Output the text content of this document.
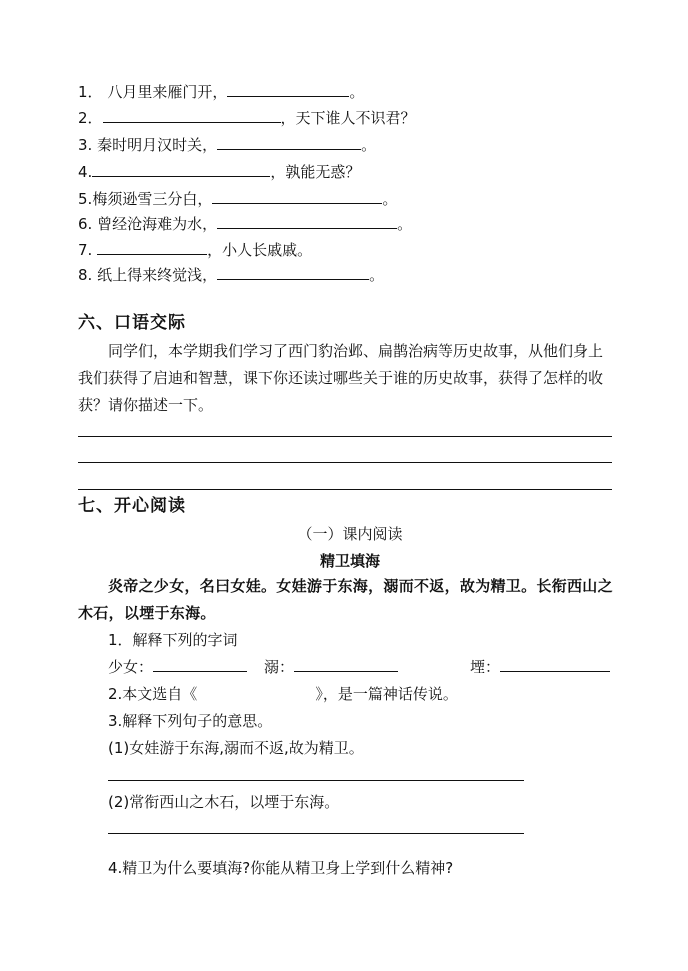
1． 八月里来雁门开，	。
2．	，天下谁人不识君？
3. 秦时明月汉时关，	。
4.	，孰能无惑？
5.梅须逊雪三分白，	。
6. 曾经沧海难为水，	。
7.	，小人长戚戚。
8. 纸上得来终觉浅，	。
六、口语交际
同学们，本学期我们学习了西门豹治邺、扁鹊治病等历史故事，从他们身上我们获得了启迪和智慧，课下你还读过哪些关于谁的历史故事，获得了怎样的收获？请你描述一下。
七、开心阅读
（一）课内阅读
精卫填海
炎帝之少女，名曰女娃。女娃游于东海，溺而不返，故为精卫。长衔西山之木石，以堙于东海。
1．解释下列的字词
少女：	溺：	堙：
2.本文选自《	》，是一篇神话传说。
3.解释下列句子的意思。
(1)女娃游于东海,溺而不返,故为精卫。
(2)常衔西山之木石，以堙于东海。
4.精卫为什么要填海?你能从精卫身上学到什么精神?
